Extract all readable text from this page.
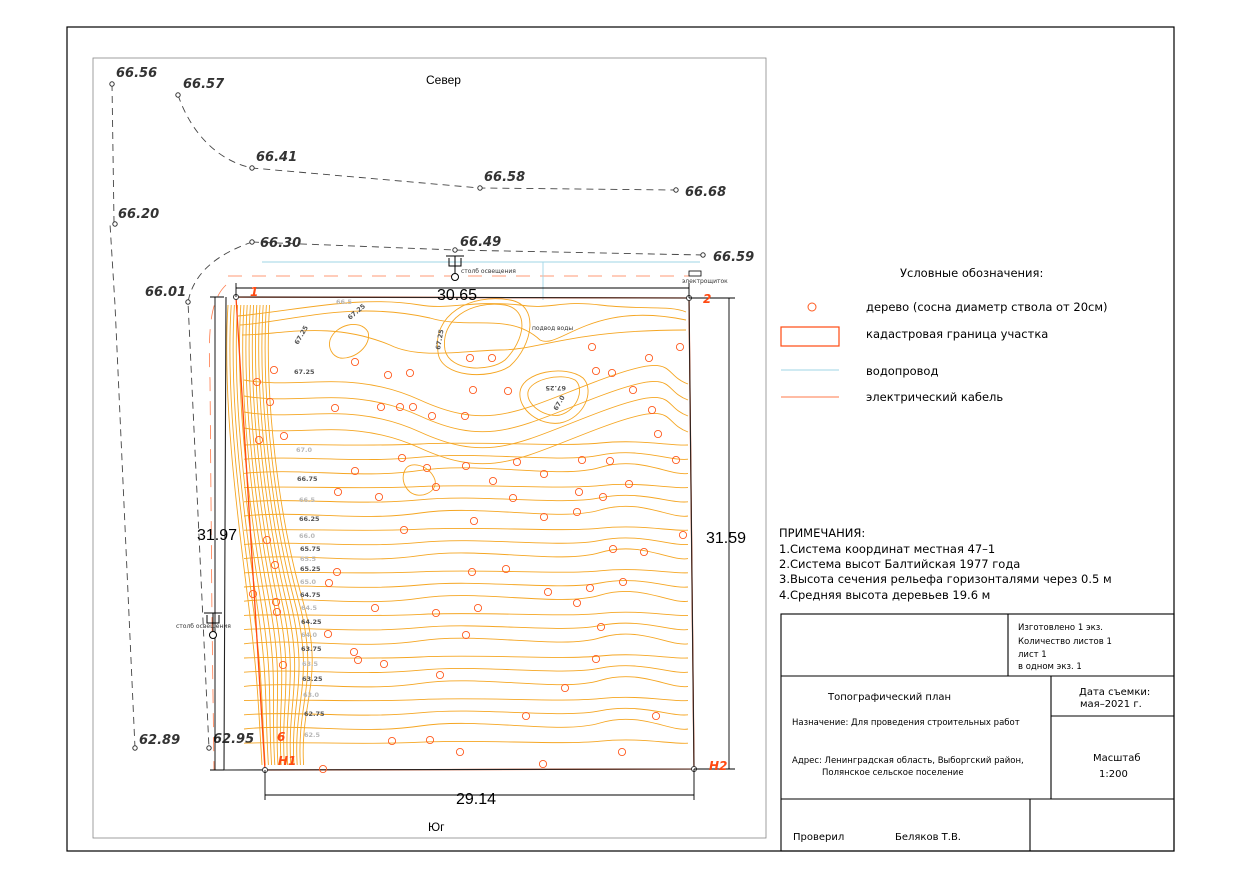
Север
Юг
66.56
66.57
66.41
66.58
66.68
66.20
66.30	66.49
66.59
66.01
62.89	62.95
30.65
31.97	31.59
29.14
1	2
6
Н1	Н2
66.5
67.0
66.75
66.5
66.25
66.0
65.75
65.5
65.25
65.0
64.75
64.5
64.25
64.0
63.75
63.5
63.25
63.0
62.75
62.5
67.25
67.25
67.25
67.25
67.25
67.0
столб освещения
столб освещения
подвод воды
электрощиток
Условные обозначения:
дерево (сосна диаметр ствола от 20см)
кадастровая граница участка
водопровод
электрический кабель
ПРИМЕЧАНИЯ:
1.Система координат местная 47–1
2.Система высот Балтийская 1977 года
3.Высота сечения рельефа горизонталями через 0.5 м
4.Средняя высота деревьев 19.6 м
Изготовлено 1 экз.
Количество листов 1
лист 1
в одном экз. 1
Топографический план
Назначение: Для проведения строительных работ
Адрес: Ленинградская область, Выборгский район,
Полянское сельское поселение
Дата съемки:
мая–2021 г.
Масштаб
1:200
Проверил	Беляков Т.В.
